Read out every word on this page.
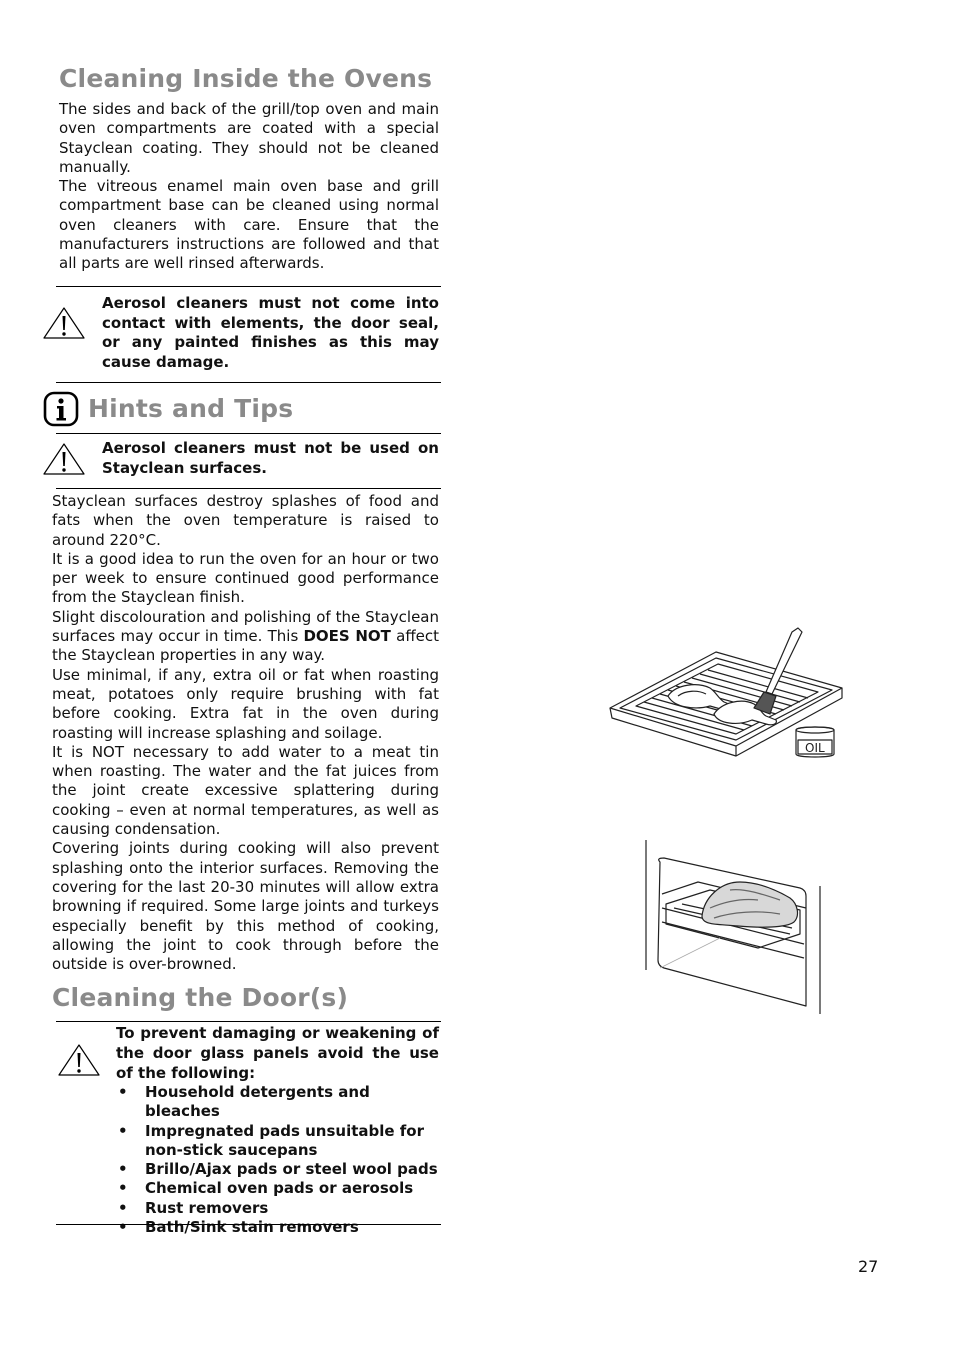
Cleaning Inside the Ovens

The sides and back of the grill/top oven and main oven compartments are coated with a special Stayclean coating. They should not be cleaned manually.

The vitreous enamel main oven base and grill compartment base can be cleaned using normal oven cleaners with care. Ensure that the manufacturers instructions are followed and that all parts are well rinsed afterwards.

Aerosol cleaners must not come into contact with elements, the door seal, or any painted finishes as this may cause damage.

Hints and Tips

Aerosol cleaners must not be used on Stayclean surfaces.

Stayclean surfaces destroy splashes of food and fats when the oven temperature is raised to around 220°C.

It is a good idea to run the oven for an hour or two per week to ensure continued good performance from the Stayclean finish.

Slight discolouration and polishing of the Stayclean surfaces may occur in time. This DOES NOT affect the Stayclean properties in any way.

Use minimal, if any, extra oil or fat when roasting meat, potatoes only require brushing with fat before cooking. Extra fat in the oven during roasting will increase splashing and soilage.

It is NOT necessary to add water to a meat tin when roasting. The water and the fat juices from the joint create excessive splattering during cooking – even at normal temperatures, as well as causing condensation.

Covering joints during cooking will also prevent splashing onto the interior surfaces. Removing the covering for the last 20-30 minutes will allow extra browning if required. Some large joints and turkeys especially benefit by this method of cooking, allowing the joint to cook through before the outside is over-browned.

Cleaning the Door(s)

To prevent damaging or weakening of the door glass panels avoid the use of the following:

• Household detergents and bleaches
• Impregnated pads unsuitable for non-stick saucepans
• Brillo/Ajax pads or steel wool pads
• Chemical oven pads or aerosols
• Rust removers
• Bath/Sink stain removers
OIL
27
